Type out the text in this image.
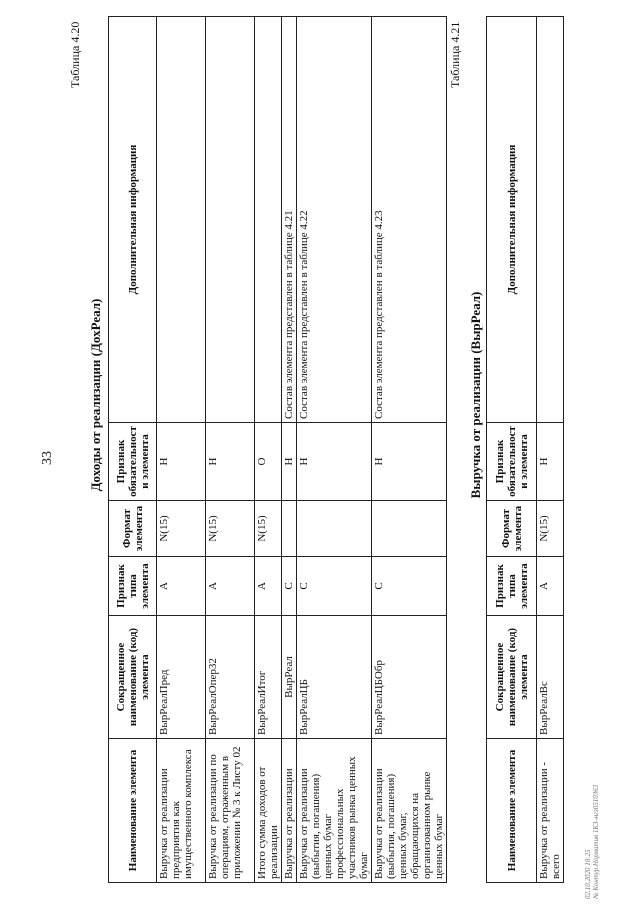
33
Таблица 4.20
Доходы от реализации (ДохРеал)
Наименование элемента	Сокращенное наименование (код) элемента	Признак типа элемента	Формат элемента	Признак обязательности элемента	Дополнительная информация
Выручка от реализации предприятия как имущественного комплекса	ВырРеалПред	А	N(15)	Н	
Выручка от реализации по операциям, отраженным в приложении № 3 к Листу 02	ВырРеалОпер32	А	N(15)	Н	
Итого сумма доходов от реализации	ВырРеалИтог	А	N(15)	О	
Выручка от реализации	ВырРеал	С		Н	Состав элемента представлен в таблице 4.21
Выручка от реализации (выбытия, погашения) ценных бумаг профессиональных участников рынка ценных бумаг	ВырРеалЦБ	С		Н	Состав элемента представлен в таблице 4.22
Выручка от реализации (выбытия, погашения) ценных бумаг, обращающихся на организованном рынке ценных бумаг	ВырРеалЦБОбр	С		Н	Состав элемента представлен в таблице 4.23
Таблица 4.21
Выручка от реализации (ВырРеал)
Наименование элемента	Сокращенное наименование (код) элемента	Признак типа элемента	Формат элемента	Признак обязательности элемента	Дополнительная информация
Выручка от реализации - всего	ВырРеалВс	А	N(15)	Н	
02.10.2020 18:25 № Контур.Норматив 1КЗ-мгз0510363
